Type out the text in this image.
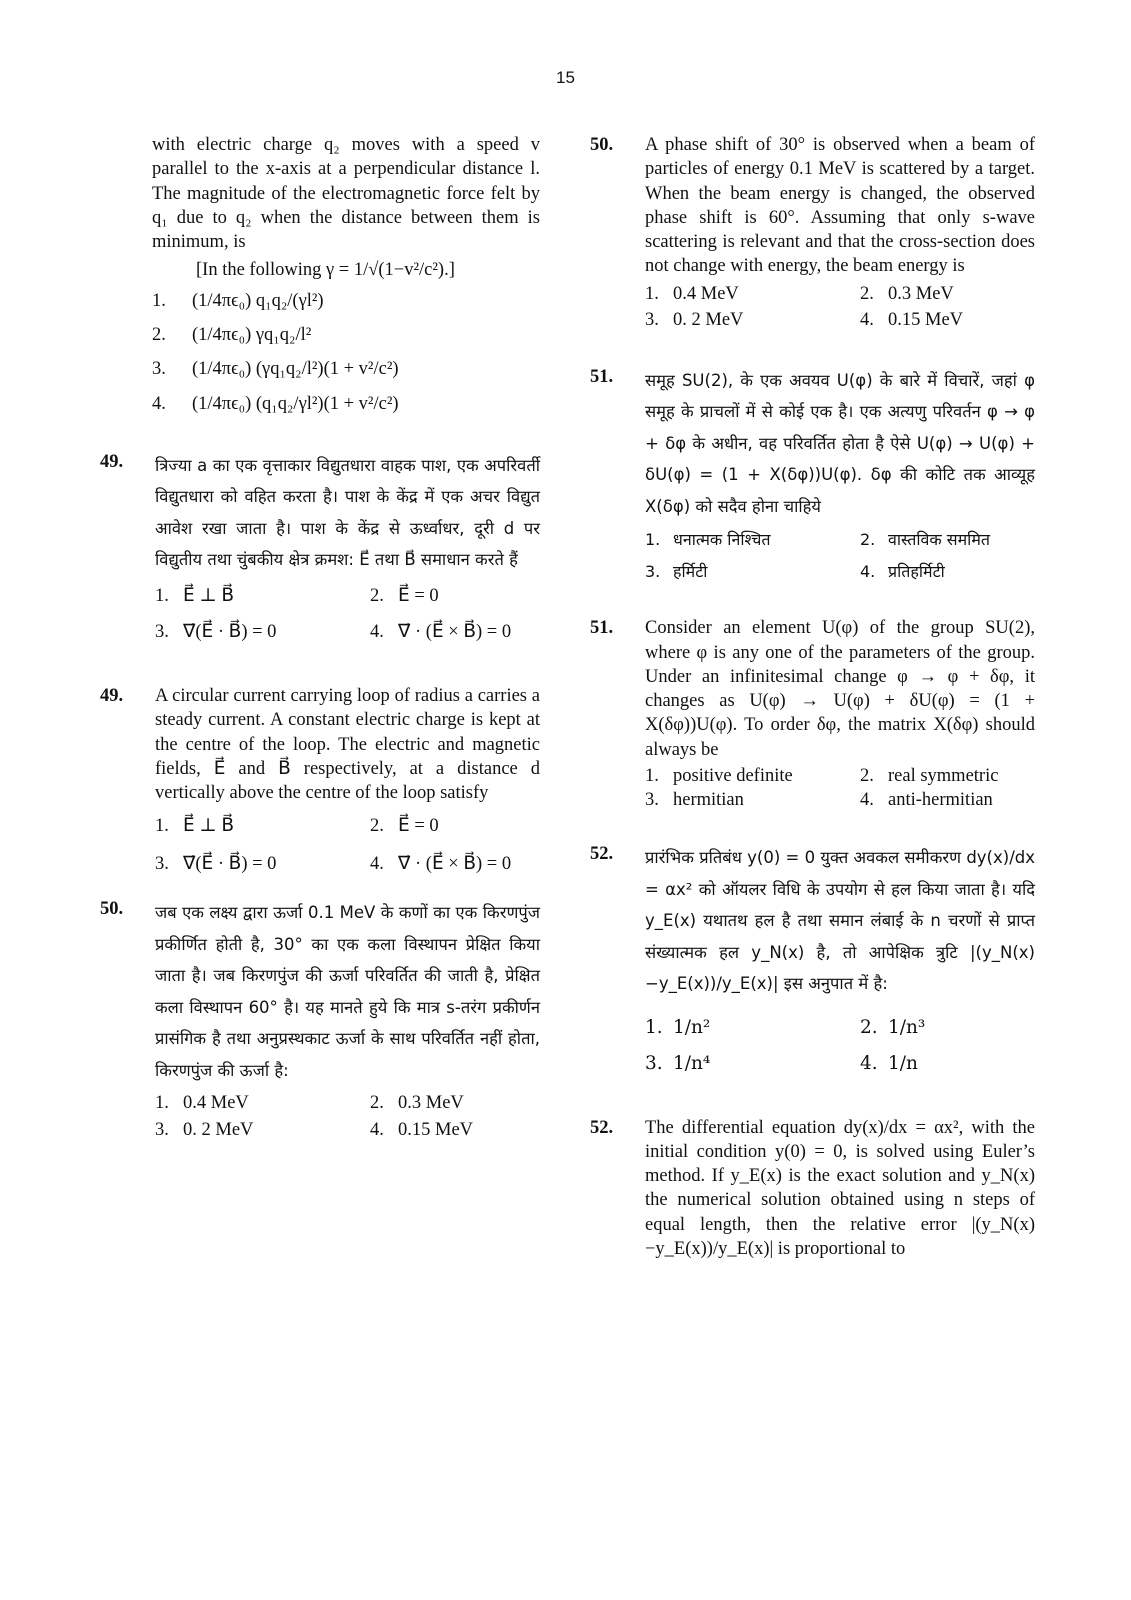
15

with electric charge q₂ moves with a speed v parallel to the x-axis at a perpendicular distance l. The magnitude of the electromagnetic force felt by q₁ due to q₂ when the distance between them is minimum, is

[In the following γ = 1/√(1−v²/c²).]
1. (1/4πϵ₀) q₁q₂/(γl²)
2. (1/4πϵ₀) γq₁q₂/l²
3. (1/4πϵ₀) (γq₁q₂/l²)(1 + v²/c²)
4. (1/4πϵ₀) (q₁q₂/γl²)(1 + v²/c²)
49. त्रिज्या a का एक वृत्ताकार विद्युतधारा वाहक पाश, एक अपरिवर्ती विद्युतधारा को वहित करता है। पाश के केंद्र में एक अचर विद्युत आवेश रखा जाता है। पाश के केंद्र से ऊर्ध्वाधर, दूरी d पर विद्युतीय तथा चुंबकीय क्षेत्र क्रमश: E⃗ तथा B⃗ समाधान करते हैं

1. E⃗ ⊥ B⃗	2. E⃗ = 0
3. ∇⃗(E⃗ · B⃗) = 0	4. ∇⃗ · (E⃗ × B⃗) = 0
49. A circular current carrying loop of radius a carries a steady current. A constant electric charge is kept at the centre of the loop. The electric and magnetic fields, E⃗ and B⃗ respectively, at a distance d vertically above the centre of the loop satisfy

1. E⃗ ⊥ B⃗	2. E⃗ = 0
3. ∇⃗(E⃗ · B⃗) = 0	4. ∇⃗ · (E⃗ × B⃗) = 0
50. जब एक लक्ष्य द्वारा ऊर्जा 0.1 MeV के कणों का एक किरणपुंज प्रकीर्णित होती है, 30° का एक कला विस्थापन प्रेक्षित किया जाता है। जब किरणपुंज की ऊर्जा परिवर्तित की जाती है, प्रेक्षित कला विस्थापन 60° है। यह मानते हुये कि मात्र s-तरंग प्रकीर्णन प्रासंगिक है तथा अनुप्रस्थकाट ऊर्जा के साथ परिवर्तित नहीं होता, किरणपुंज की ऊर्जा है:

1. 0.4 MeV	2. 0.3 MeV
3. 0. 2 MeV	4. 0.15 MeV
50. A phase shift of 30° is observed when a beam of particles of energy 0.1 MeV is scattered by a target. When the beam energy is changed, the observed phase shift is 60°. Assuming that only s-wave scattering is relevant and that the cross-section does not change with energy, the beam energy is

1. 0.4 MeV	2. 0.3 MeV
3. 0. 2 MeV	4. 0.15 MeV
51. समूह SU(2), के एक अवयव U(φ) के बारे में विचारें, जहां φ समूह के प्राचलों में से कोई एक है। एक अत्यणु परिवर्तन φ → φ + δφ के अधीन, वह परिवर्तित होता है ऐसे U(φ) → U(φ) + δU(φ) = (1 + X(δφ))U(φ). δφ की कोटि तक आव्यूह X(δφ) को सदैव होना चाहिये

1. धनात्मक निश्चित	2. वास्तविक सममित
3. हर्मिटी	4. प्रतिहर्मिटी
51. Consider an element U(φ) of the group SU(2), where φ is any one of the parameters of the group. Under an infinitesimal change φ → φ + δφ, it changes as U(φ) → U(φ) + δU(φ) = (1 + X(δφ))U(φ). To order δφ, the matrix X(δφ) should always be

1. positive definite	2. real symmetric
3. hermitian	4. anti-hermitian
52. प्रारंभिक प्रतिबंध y(0) = 0 युक्त अवकल समीकरण dy(x)/dx = αx² को ऑयलर विधि के उपयोग से हल किया जाता है। यदि y_E(x) यथातथ हल है तथा समान लंबाई के n चरणों से प्राप्त संख्यात्मक हल y_N(x) है, तो आपेक्षिक त्रुटि |(y_N(x)−y_E(x))/y_E(x)| इस अनुपात में है:

1. 1/n²	2. 1/n³
3. 1/n⁴	4. 1/n
52. The differential equation dy(x)/dx = αx², with the initial condition y(0) = 0, is solved using Euler’s method. If y_E(x) is the exact solution and y_N(x) the numerical solution obtained using n steps of equal length, then the relative error |(y_N(x)−y_E(x))/y_E(x)| is proportional to
